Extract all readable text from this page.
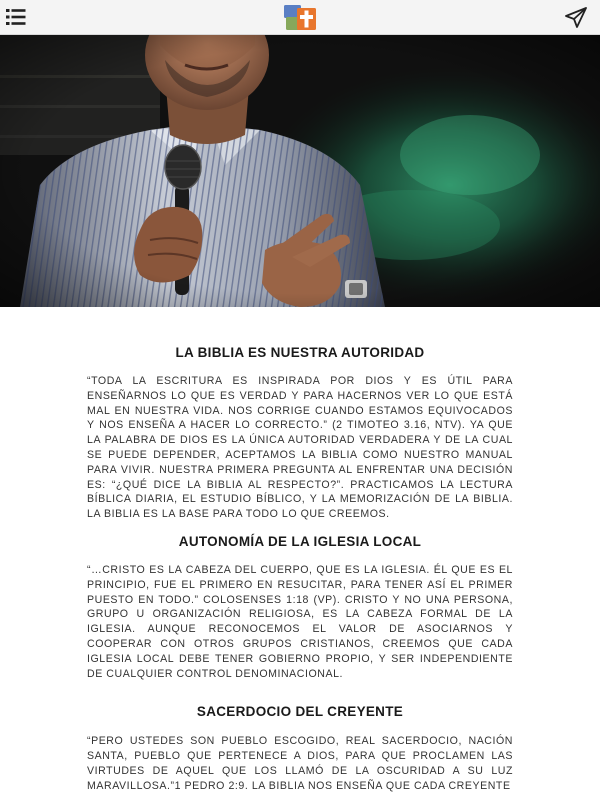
LA BIBLIA ES NUESTRA AUTORIDAD

“TODA LA ESCRITURA ES INSPIRADA POR DIOS Y ES ÚTIL PARA ENSEÑARNOS LO QUE ES VERDAD Y PARA HACERNOS VER LO QUE ESTÁ MAL EN NUESTRA VIDA. NOS CORRIGE CUANDO ESTAMOS EQUIVOCADOS Y NOS ENSEÑA A HACER LO CORRECTO.” (2 TIMOTEO 3.16, NTV). YA QUE LA PALABRA DE DIOS ES LA ÚNICA AUTORIDAD VERDADERA Y DE LA CUAL SE PUEDE DEPENDER, ACEPTAMOS LA BIBLIA COMO NUESTRO MANUAL PARA VIVIR. NUESTRA PRIMERA PREGUNTA AL ENFRENTAR UNA DECISIÓN ES: “¿QUÉ DICE LA BIBLIA AL RESPECTO?”. PRACTICAMOS LA LECTURA BÍBLICA DIARIA, EL ESTUDIO BÍBLICO, Y LA MEMORIZACIÓN DE LA BIBLIA. LA BIBLIA ES LA BASE PARA TODO LO QUE CREEMOS.

AUTONOMÍA DE LA IGLESIA LOCAL

“…CRISTO ES LA CABEZA DEL CUERPO, QUE ES LA IGLESIA. ÉL QUE ES EL PRINCIPIO, FUE EL PRIMERO EN RESUCITAR, PARA TENER ASÍ EL PRIMER PUESTO EN TODO.” COLOSENSES 1:18 (VP). CRISTO Y NO UNA PERSONA, GRUPO U ORGANIZACIÓN RELIGIOSA, ES LA CABEZA FORMAL DE LA IGLESIA. AUNQUE RECONOCEMOS EL VALOR DE ASOCIARNOS Y COOPERAR CON OTROS GRUPOS CRISTIANOS, CREEMOS QUE CADA IGLESIA LOCAL DEBE TENER GOBIERNO PROPIO, Y SER INDEPENDIENTE DE CUALQUIER CONTROL DENOMINACIONAL.

SACERDOCIO DEL CREYENTE

“PERO USTEDES SON PUEBLO ESCOGIDO, REAL SACERDOCIO, NACIÓN SANTA, PUEBLO QUE PERTENECE A DIOS, PARA QUE PROCLAMEN LAS VIRTUDES DE AQUEL QUE LOS LLAMÓ DE LA OSCURIDAD A SU LUZ MARAVILLOSA.”1 PEDRO 2:9. LA BIBLIA NOS ENSEÑA QUE CADA CREYENTE
